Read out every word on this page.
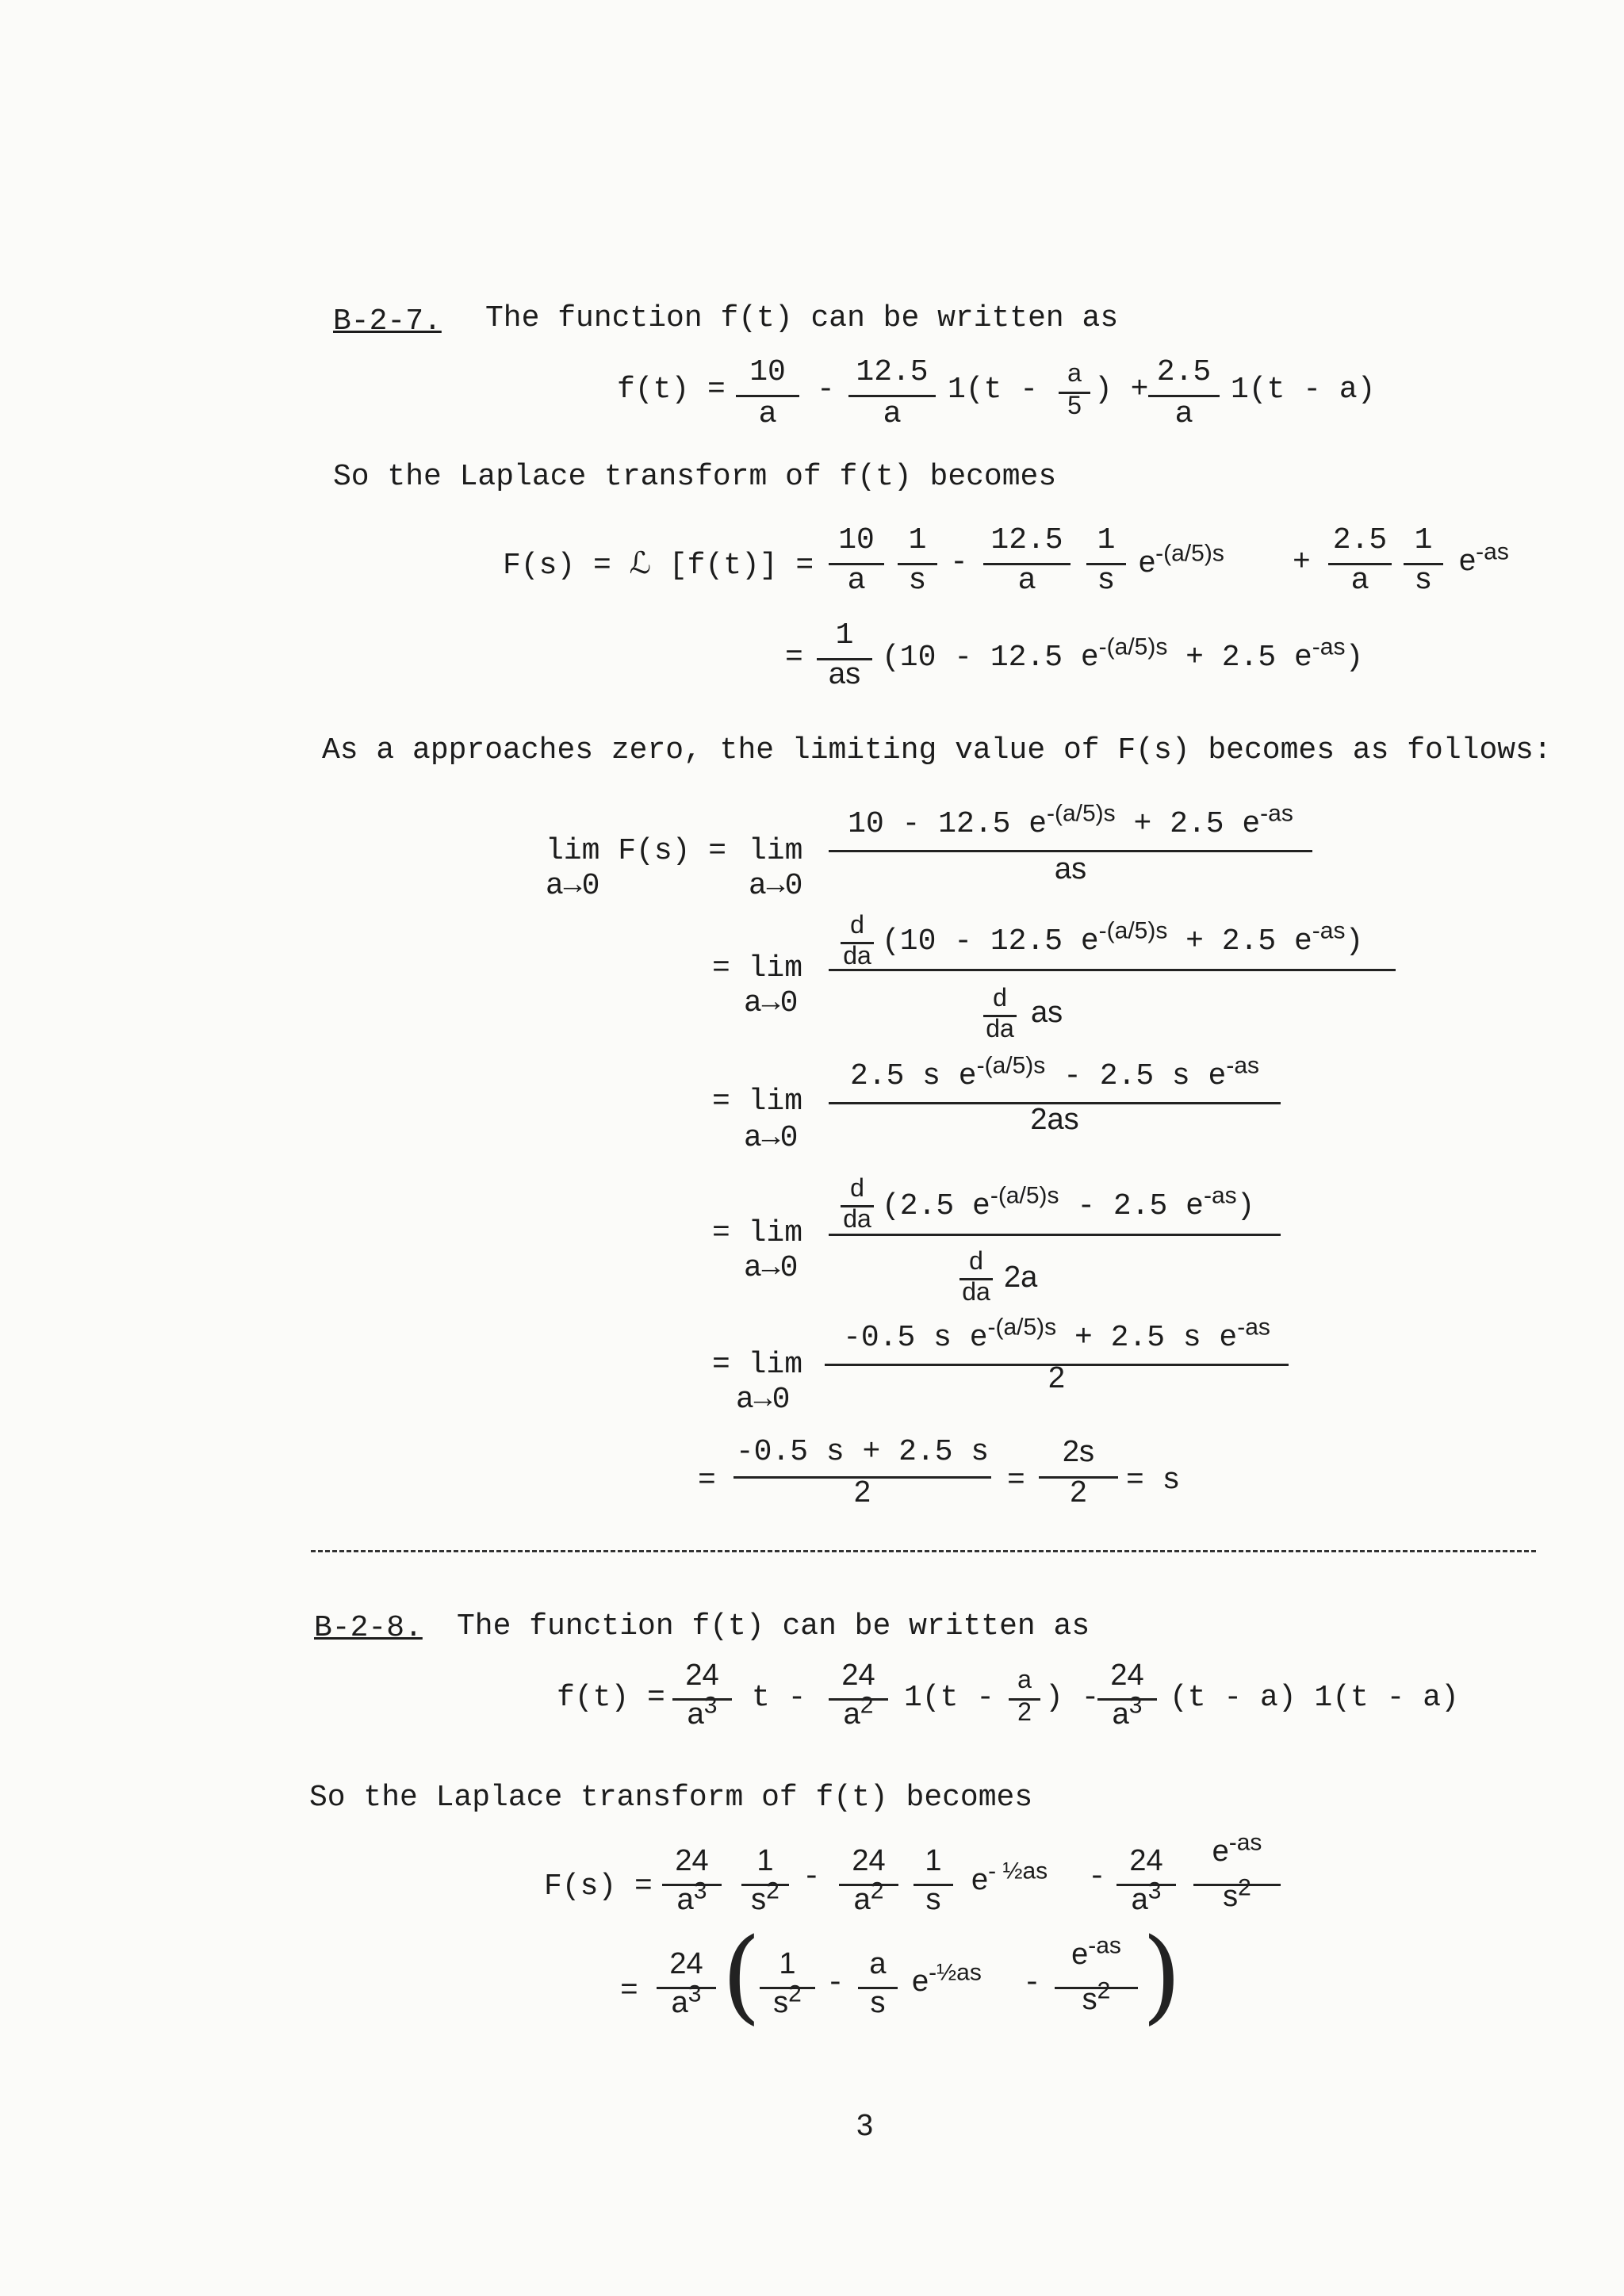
B-2-7. The function f(t) can be written as
f(t) =
10
a
-
12.5
a
1(t -	a
5 ) +
2.5
a
1(t - a)
So the Laplace transform of f(t) becomes
F(s) = ℒ [f(t)] =
10
a
1
s -
12.5
a
1
s $e^{-(a/5)s}$ +
2.5
a
1
s
$e^{-as}$
=
1
as (10 - 12.5 $e^{-(a/5)s} + 2.5$ $e^{-as}$)
As a approaches zero, the limiting value of F(s) becomes as follows:
lim F(s) =
a→0
lim
a→0
10 - 12.5 $e^{-(a/5)s} + 2.5$ $e^{-as}$
as
= lim
a→0
d
da (10 - 12.5 $e^{-(a/5)s} + 2.5$ $e^{-as}$)
d
da as
= lim
a→0
2.5 s $e^{-(a/5)s} - 2.5$ s $e^{-as}$
2as
= lim
a→0
d
da (2.5 $e^{-(a/5)s} - 2.5$ $e^{-as}$)
d
da 2a
= lim
a→0
-0.5 s $e^{-(a/5)s} + 2.5$ s $e^{-as}$
2
=
-0.5 s + 2.5 s
2	=
2s
2	= s
B-2-8. The function f(t) can be written as
f(t) =
24
$a^3$	t -
24
$a^2$	1(t -
a
2 ) -
24
$a^3$ (t - a) 1(t - a)
So the Laplace transform of f(t) becomes
F(s) =
24
$a^3$
1
$s^2$ -	24
$a^2$
1
s
$e^{- \frac{1}{2}as} - 24$
$a^3$
$e^{-as}$
$s^2$
=
24
$a^3$ ( 1
$s^2$ -
a
s
$e^{-\frac{1}{2}as}$ -
$e^{-as}$
$s^2$ )
3
